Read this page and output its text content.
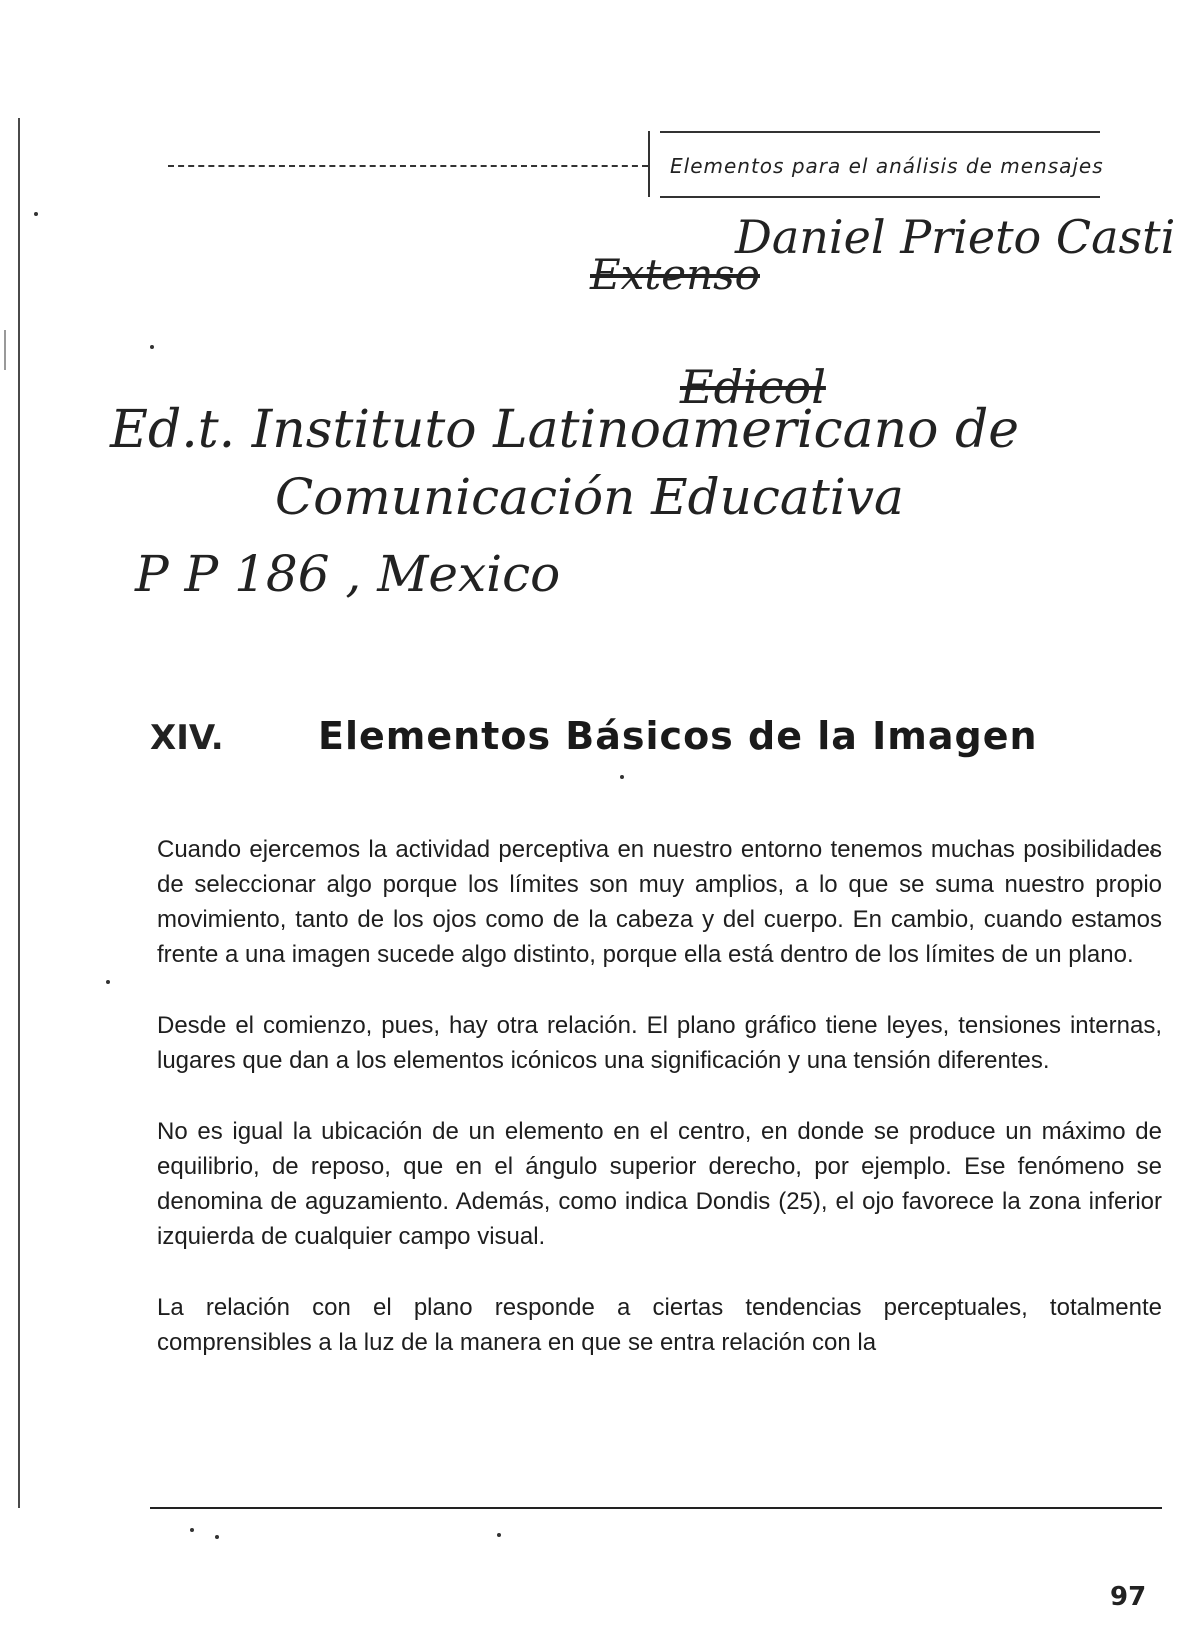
Elementos para el análisis de mensajes
Daniel Prieto Casti
Extenso
Edicol
Ed.t. Instituto Latinoamericano de
Comunicación Educativa
P P 186 , Mexico
XIV. Elementos Básicos de la Imagen

Cuando ejercemos la actividad perceptiva en nuestro entorno tenemos muchas posibilidades de seleccionar algo porque los límites son muy amplios, a lo que se suma nuestro propio movimiento, tanto de los ojos como de la cabeza y del cuerpo. En cambio, cuando estamos frente a una imagen sucede algo distinto, porque ella está dentro de los límites de un plano.

Desde el comienzo, pues, hay otra relación. El plano gráfico tiene leyes, tensiones internas, lugares que dan a los elementos icónicos una significación y una tensión diferentes.

No es igual la ubicación de un elemento en el centro, en donde se produce un máximo de equilibrio, de reposo, que en el ángulo superior derecho, por ejemplo. Ese fenómeno se denomina de aguzamiento. Además, como indica Dondis (25), el ojo favorece la zona inferior izquierda de cualquier campo visual.

La relación con el plano responde a ciertas tendencias perceptuales, totalmente comprensibles a la luz de la manera en que se entra relación con la

97
